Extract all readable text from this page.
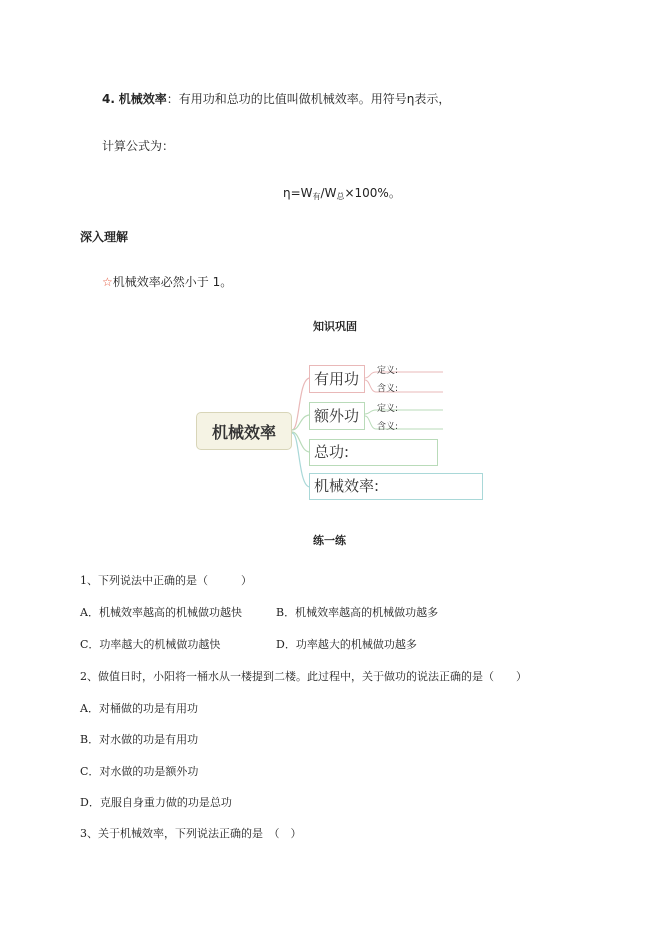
4. 机械效率：有用功和总功的比值叫做机械效率。用符号η表示，
计算公式为：
$\eta=W_有/W_总\times 100\%$。
深入理解
☆机械效率必然小于 1。
知识巩固
机械效率
有用功	定义:
含义:
额外功	定义:
含义:
总功:
机械效率:
练一练
1、下列说法中正确的是（　　　）
A．机械效率越高的机械做功越快	B．机械效率越高的机械做功越多
C．功率越大的机械做功越快	D．功率越大的机械做功越多
2、做值日时，小阳将一桶水从一楼提到二楼。此过程中，关于做功的说法正确的是（　　）
A．对桶做的功是有用功
B．对水做的功是有用功
C．对水做的功是额外功
D．克服自身重力做的功是总功
3、关于机械效率，下列说法正确的是　（　）
